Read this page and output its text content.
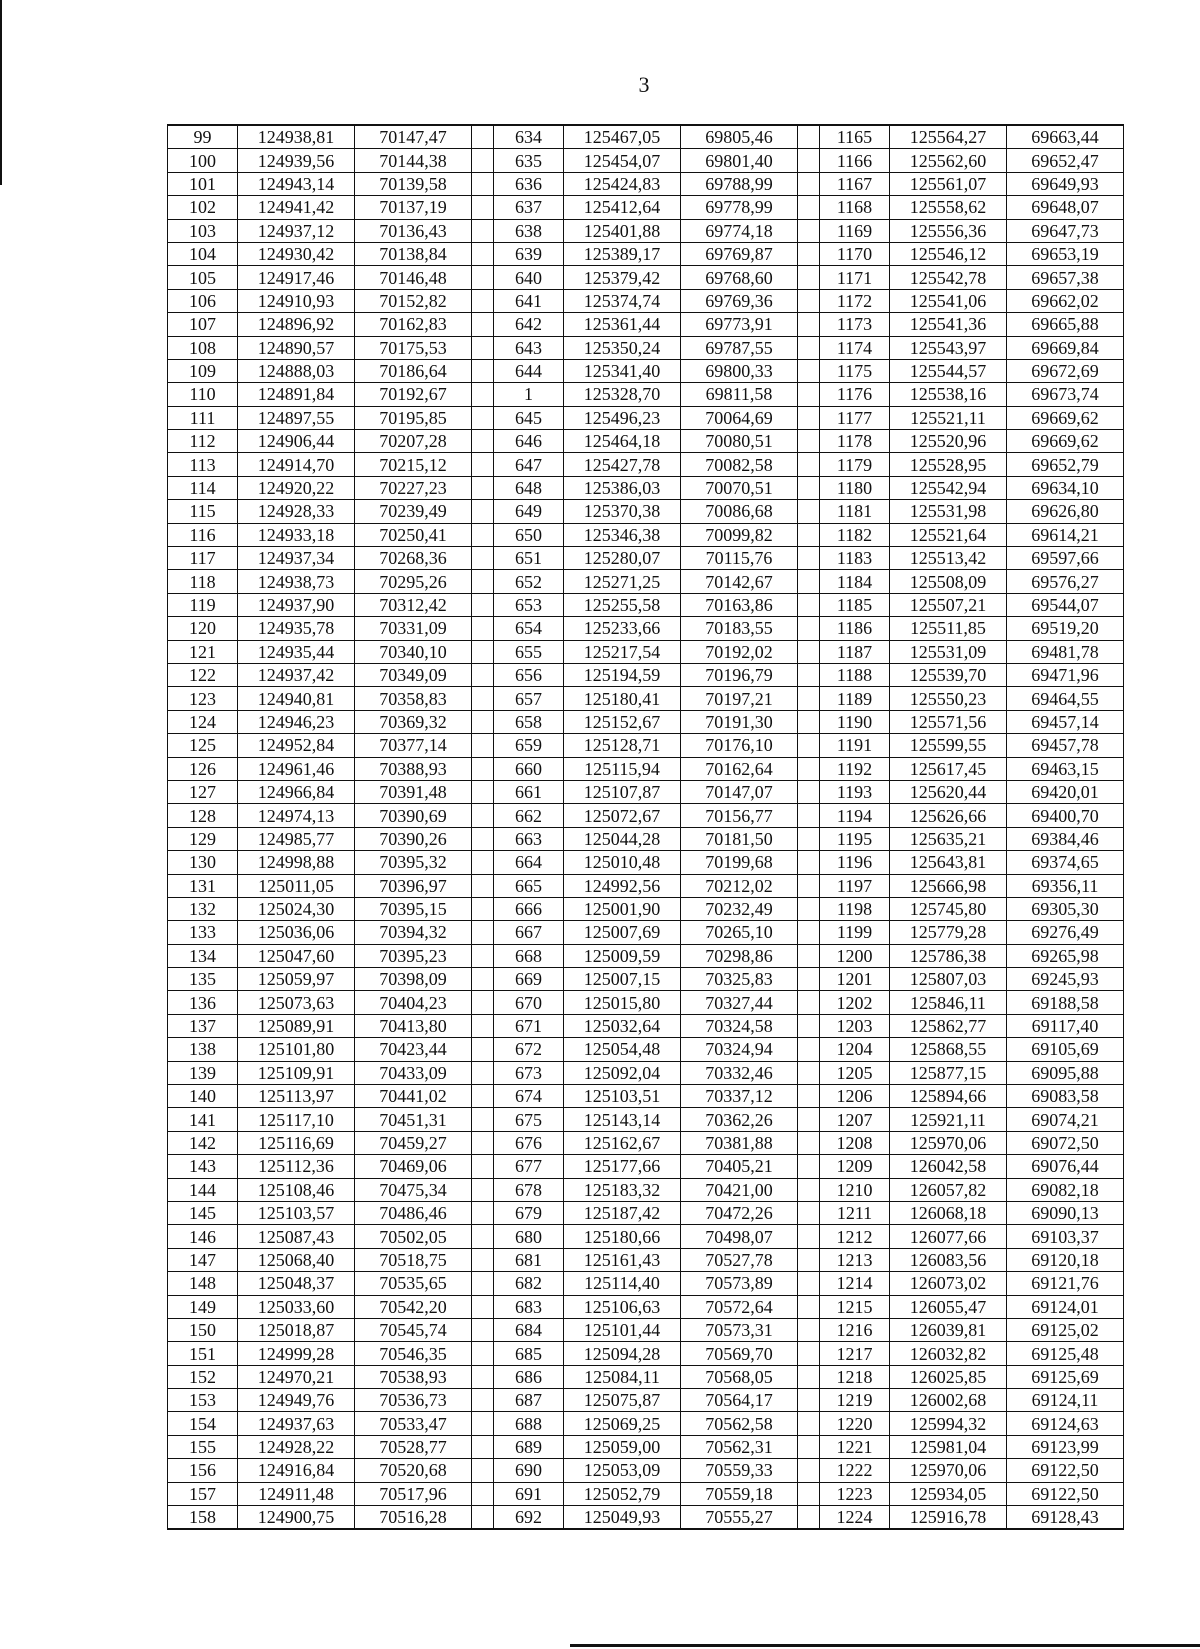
3
99	124938,81	70147,47		634	125467,05	69805,46		1165	125564,27	69663,44
100	124939,56	70144,38		635	125454,07	69801,40		1166	125562,60	69652,47
101	124943,14	70139,58		636	125424,83	69788,99		1167	125561,07	69649,93
102	124941,42	70137,19		637	125412,64	69778,99		1168	125558,62	69648,07
103	124937,12	70136,43		638	125401,88	69774,18		1169	125556,36	69647,73
104	124930,42	70138,84		639	125389,17	69769,87		1170	125546,12	69653,19
105	124917,46	70146,48		640	125379,42	69768,60		1171	125542,78	69657,38
106	124910,93	70152,82		641	125374,74	69769,36		1172	125541,06	69662,02
107	124896,92	70162,83		642	125361,44	69773,91		1173	125541,36	69665,88
108	124890,57	70175,53		643	125350,24	69787,55		1174	125543,97	69669,84
109	124888,03	70186,64		644	125341,40	69800,33		1175	125544,57	69672,69
110	124891,84	70192,67		1	125328,70	69811,58		1176	125538,16	69673,74
111	124897,55	70195,85		645	125496,23	70064,69		1177	125521,11	69669,62
112	124906,44	70207,28		646	125464,18	70080,51		1178	125520,96	69669,62
113	124914,70	70215,12		647	125427,78	70082,58		1179	125528,95	69652,79
114	124920,22	70227,23		648	125386,03	70070,51		1180	125542,94	69634,10
115	124928,33	70239,49		649	125370,38	70086,68		1181	125531,98	69626,80
116	124933,18	70250,41		650	125346,38	70099,82		1182	125521,64	69614,21
117	124937,34	70268,36		651	125280,07	70115,76		1183	125513,42	69597,66
118	124938,73	70295,26		652	125271,25	70142,67		1184	125508,09	69576,27
119	124937,90	70312,42		653	125255,58	70163,86		1185	125507,21	69544,07
120	124935,78	70331,09		654	125233,66	70183,55		1186	125511,85	69519,20
121	124935,44	70340,10		655	125217,54	70192,02		1187	125531,09	69481,78
122	124937,42	70349,09		656	125194,59	70196,79		1188	125539,70	69471,96
123	124940,81	70358,83		657	125180,41	70197,21		1189	125550,23	69464,55
124	124946,23	70369,32		658	125152,67	70191,30		1190	125571,56	69457,14
125	124952,84	70377,14		659	125128,71	70176,10		1191	125599,55	69457,78
126	124961,46	70388,93		660	125115,94	70162,64		1192	125617,45	69463,15
127	124966,84	70391,48		661	125107,87	70147,07		1193	125620,44	69420,01
128	124974,13	70390,69		662	125072,67	70156,77		1194	125626,66	69400,70
129	124985,77	70390,26		663	125044,28	70181,50		1195	125635,21	69384,46
130	124998,88	70395,32		664	125010,48	70199,68		1196	125643,81	69374,65
131	125011,05	70396,97		665	124992,56	70212,02		1197	125666,98	69356,11
132	125024,30	70395,15		666	125001,90	70232,49		1198	125745,80	69305,30
133	125036,06	70394,32		667	125007,69	70265,10		1199	125779,28	69276,49
134	125047,60	70395,23		668	125009,59	70298,86		1200	125786,38	69265,98
135	125059,97	70398,09		669	125007,15	70325,83		1201	125807,03	69245,93
136	125073,63	70404,23		670	125015,80	70327,44		1202	125846,11	69188,58
137	125089,91	70413,80		671	125032,64	70324,58		1203	125862,77	69117,40
138	125101,80	70423,44		672	125054,48	70324,94		1204	125868,55	69105,69
139	125109,91	70433,09		673	125092,04	70332,46		1205	125877,15	69095,88
140	125113,97	70441,02		674	125103,51	70337,12		1206	125894,66	69083,58
141	125117,10	70451,31		675	125143,14	70362,26		1207	125921,11	69074,21
142	125116,69	70459,27		676	125162,67	70381,88		1208	125970,06	69072,50
143	125112,36	70469,06		677	125177,66	70405,21		1209	126042,58	69076,44
144	125108,46	70475,34		678	125183,32	70421,00		1210	126057,82	69082,18
145	125103,57	70486,46		679	125187,42	70472,26		1211	126068,18	69090,13
146	125087,43	70502,05		680	125180,66	70498,07		1212	126077,66	69103,37
147	125068,40	70518,75		681	125161,43	70527,78		1213	126083,56	69120,18
148	125048,37	70535,65		682	125114,40	70573,89		1214	126073,02	69121,76
149	125033,60	70542,20		683	125106,63	70572,64		1215	126055,47	69124,01
150	125018,87	70545,74		684	125101,44	70573,31		1216	126039,81	69125,02
151	124999,28	70546,35		685	125094,28	70569,70		1217	126032,82	69125,48
152	124970,21	70538,93		686	125084,11	70568,05		1218	126025,85	69125,69
153	124949,76	70536,73		687	125075,87	70564,17		1219	126002,68	69124,11
154	124937,63	70533,47		688	125069,25	70562,58		1220	125994,32	69124,63
155	124928,22	70528,77		689	125059,00	70562,31		1221	125981,04	69123,99
156	124916,84	70520,68		690	125053,09	70559,33		1222	125970,06	69122,50
157	124911,48	70517,96		691	125052,79	70559,18		1223	125934,05	69122,50
158	124900,75	70516,28		692	125049,93	70555,27		1224	125916,78	69128,43
